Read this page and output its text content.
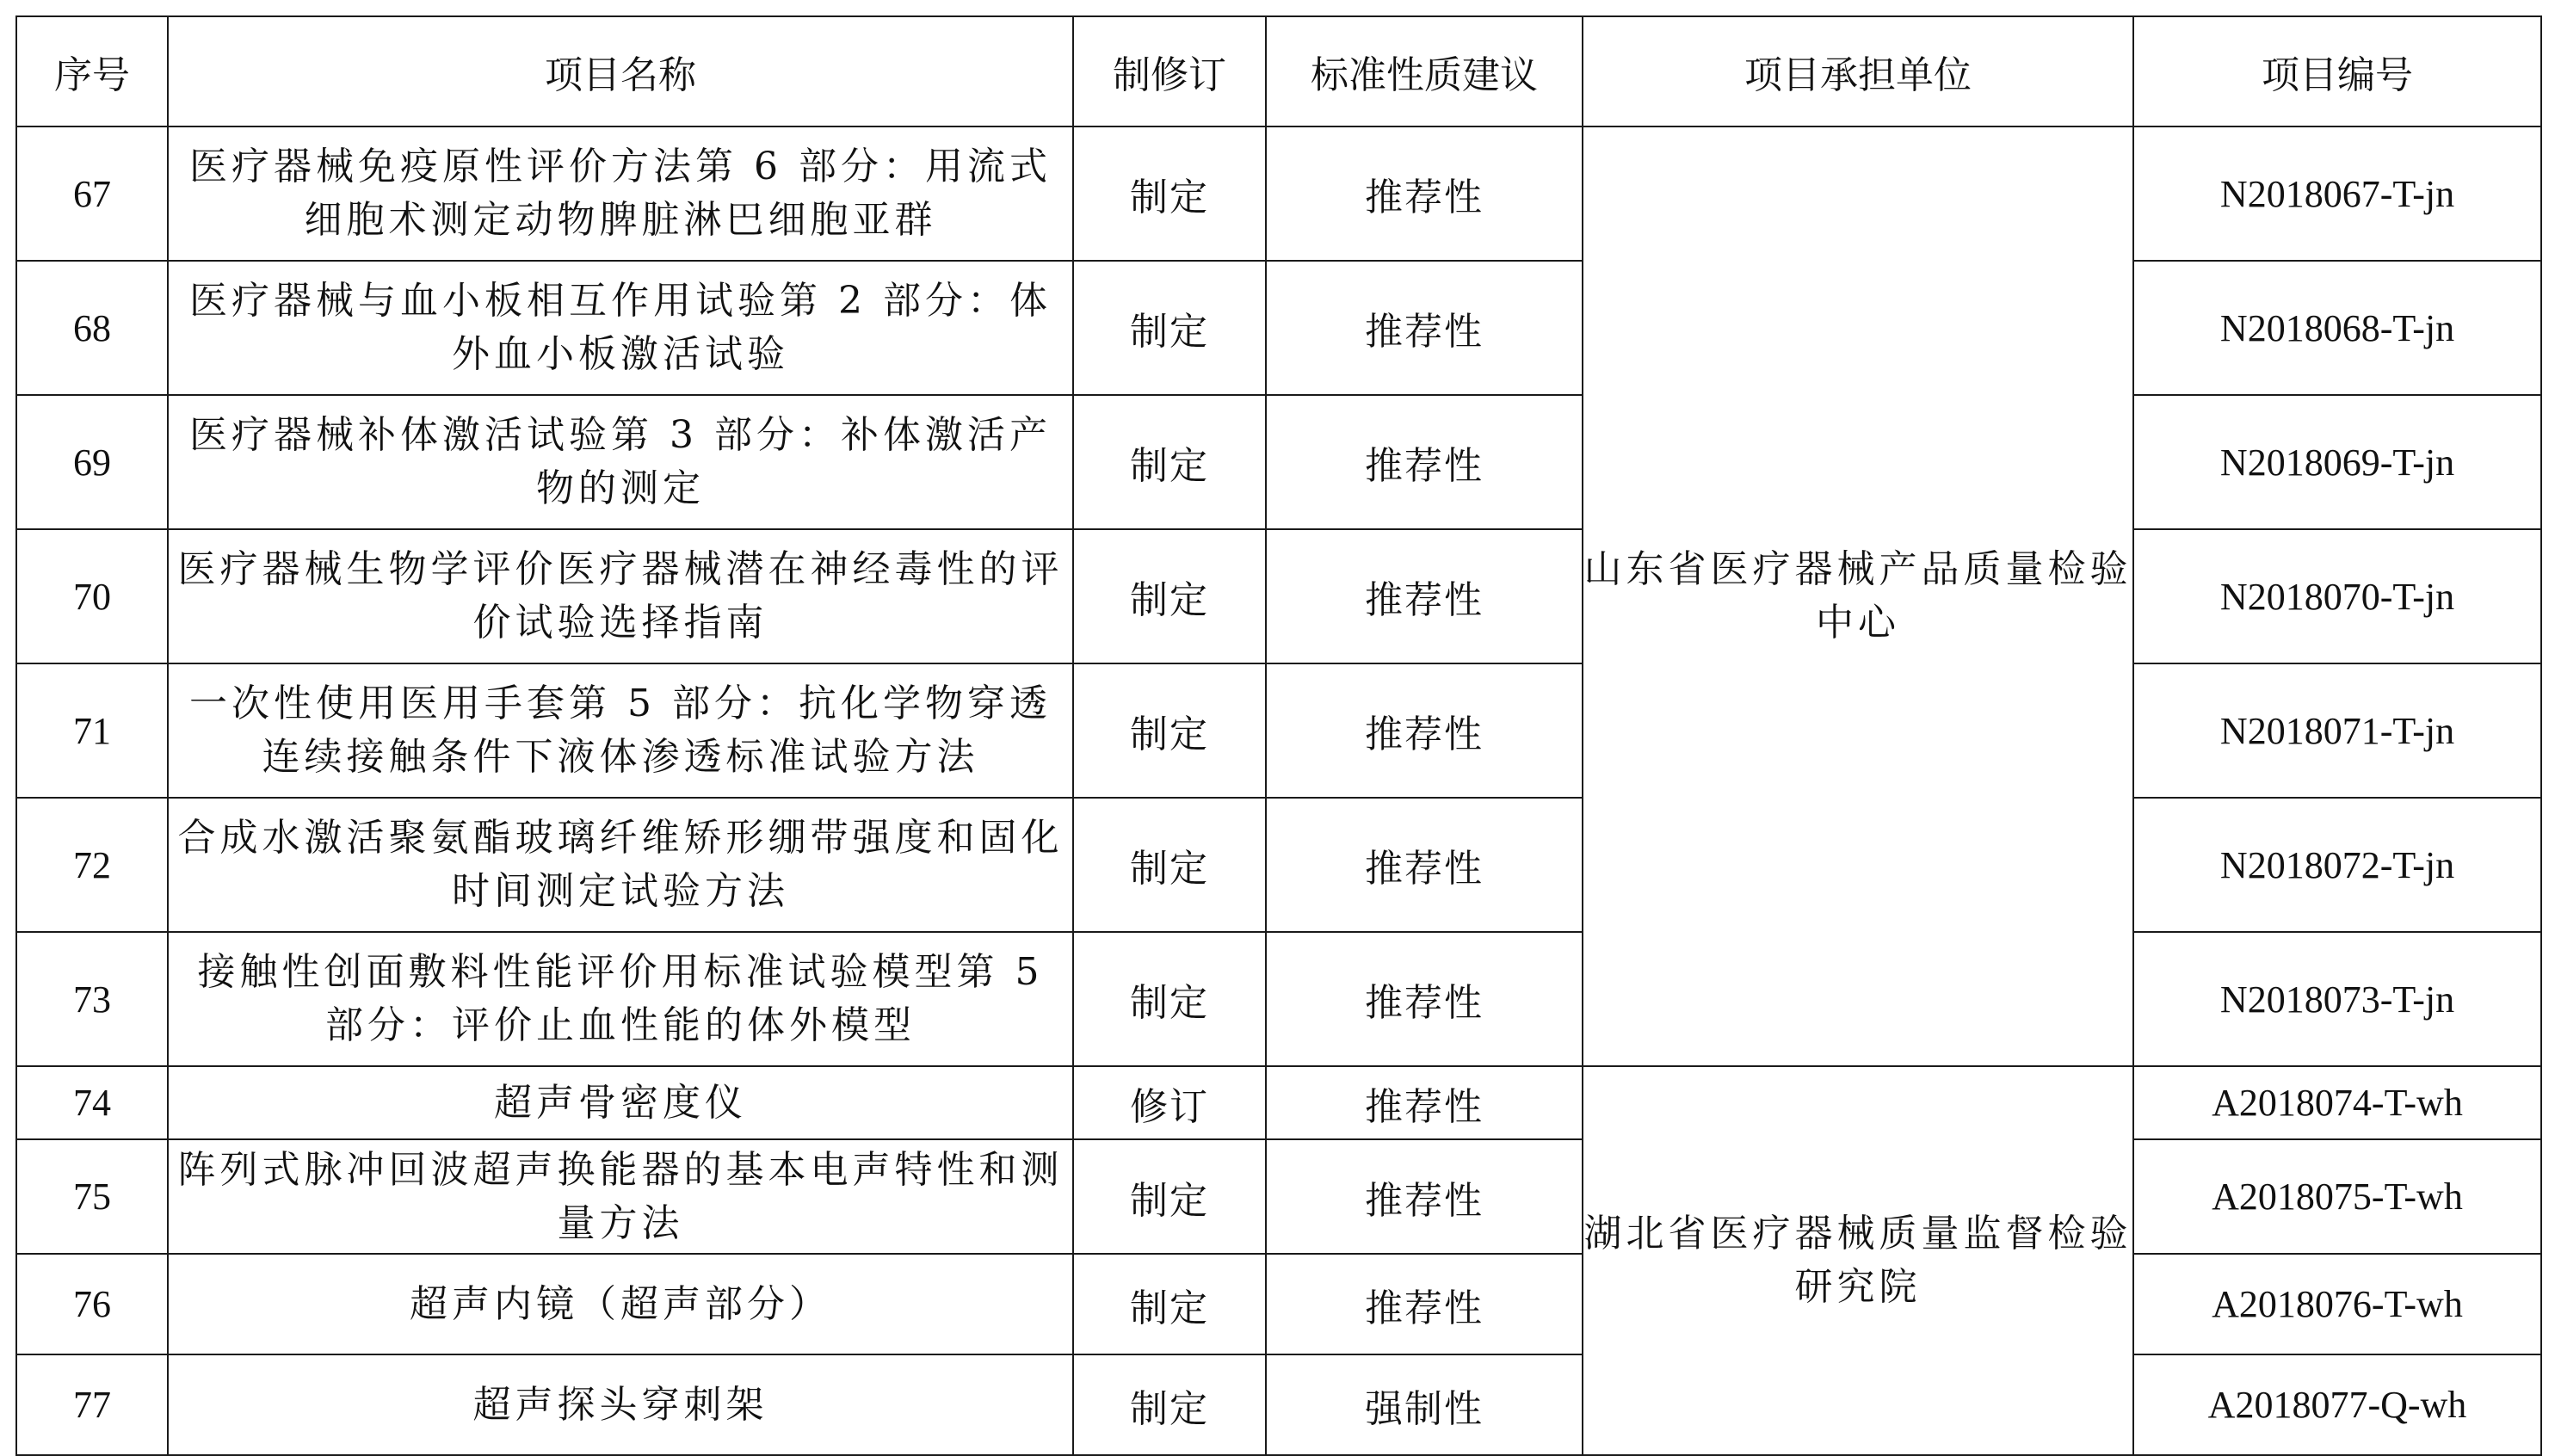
序号	项目名称	制修订	标准性质建议	项目承担单位	项目编号
67	医疗器械免疫原性评价方法第 6 部分：用流式细胞术测定动物脾脏淋巴细胞亚群	制定	推荐性	山东省医疗器械产品质量检验中心	N2018067-T-jn
68	医疗器械与血小板相互作用试验第 2 部分：体外血小板激活试验	制定	推荐性		N2018068-T-jn
69	医疗器械补体激活试验第 3 部分：补体激活产物的测定	制定	推荐性		N2018069-T-jn
70	医疗器械生物学评价医疗器械潜在神经毒性的评价试验选择指南	制定	推荐性		N2018070-T-jn
71	一次性使用医用手套第 5 部分：抗化学物穿透连续接触条件下液体渗透标准试验方法	制定	推荐性		N2018071-T-jn
72	合成水激活聚氨酯玻璃纤维矫形绷带强度和固化时间测定试验方法	制定	推荐性		N2018072-T-jn
73	接触性创面敷料性能评价用标准试验模型第 5 部分：评价止血性能的体外模型	制定	推荐性		N2018073-T-jn
74	超声骨密度仪	修订	推荐性	湖北省医疗器械质量监督检验研究院	A2018074-T-wh
75	阵列式脉冲回波超声换能器的基本电声特性和测量方法	制定	推荐性		A2018075-T-wh
76	超声内镜（超声部分）	制定	推荐性		A2018076-T-wh
77	超声探头穿刺架	制定	强制性		A2018077-Q-wh
